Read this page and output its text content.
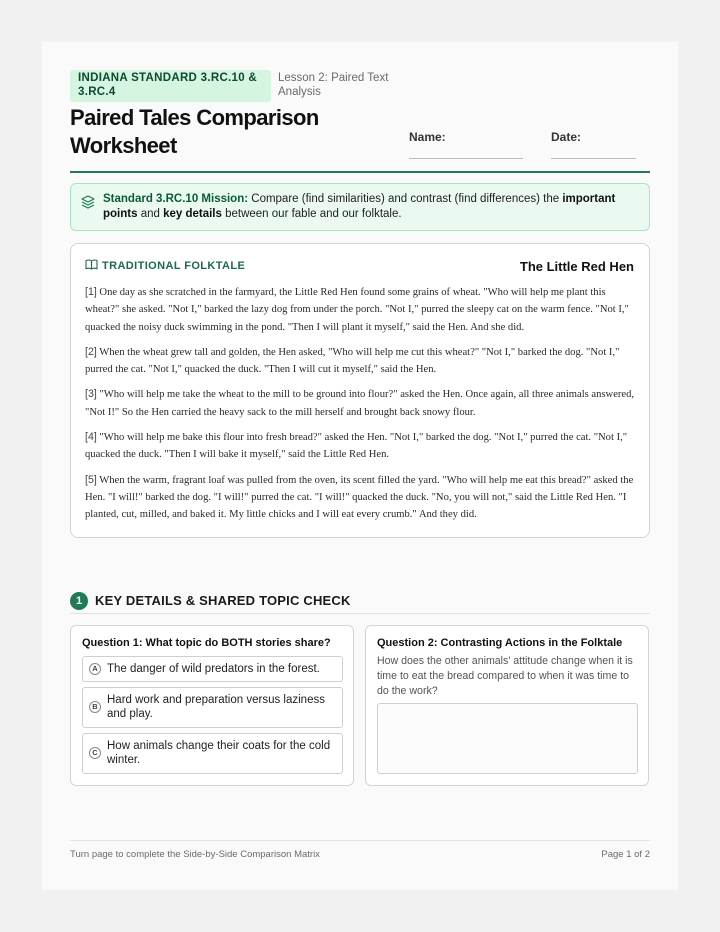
INDIANA STANDARD 3.RC.10 & 3.RC.4
Lesson 2: Paired Text Analysis
Paired Tales Comparison Worksheet	Name:	Date:
Standard 3.RC.10 Mission: Compare (find similarities) and contrast (find differences) the important points and key details between our fable and our folktale.
TRADITIONAL FOLKTALE	The Little Red Hen

[1] One day as she scratched in the farmyard, the Little Red Hen found some grains of wheat. "Who will help me plant this wheat?" she asked. "Not I," barked the lazy dog from under the porch. "Not I," purred the sleepy cat on the warm fence. "Not I," quacked the noisy duck swimming in the pond. "Then I will plant it myself," said the Hen. And she did.

[2] When the wheat grew tall and golden, the Hen asked, "Who will help me cut this wheat?" "Not I," barked the dog. "Not I," purred the cat. "Not I," quacked the duck. "Then I will cut it myself," said the Hen.

[3] "Who will help me take the wheat to the mill to be ground into flour?" asked the Hen. Once again, all three animals answered, "Not I!" So the Hen carried the heavy sack to the mill herself and brought back snowy flour.

[4] "Who will help me bake this flour into fresh bread?" asked the Hen. "Not I," barked the dog. "Not I," purred the cat. "Not I," quacked the duck. "Then I will bake it myself," said the Little Red Hen.

[5] When the warm, fragrant loaf was pulled from the oven, its scent filled the yard. "Who will help me eat this bread?" asked the Hen. "I will!" barked the dog. "I will!" purred the cat. "I will!" quacked the duck. "No, you will not," said the Little Red Hen. "I planted, cut, milled, and baked it. My little chicks and I will eat every crumb." And they did.

1 KEY DETAILS & SHARED TOPIC CHECK
Question 1: What topic do BOTH stories share?
A The danger of wild predators in the forest.
B
Hard work and preparation versus laziness and play.
C
How animals change their coats for the cold winter.
Question 2: Contrasting Actions in the Folktale
How does the other animals' attitude change when it is time to eat the bread compared to when it was time to do the work?
Turn page to complete the Side-by-Side Comparison Matrix	Page 1 of 2
